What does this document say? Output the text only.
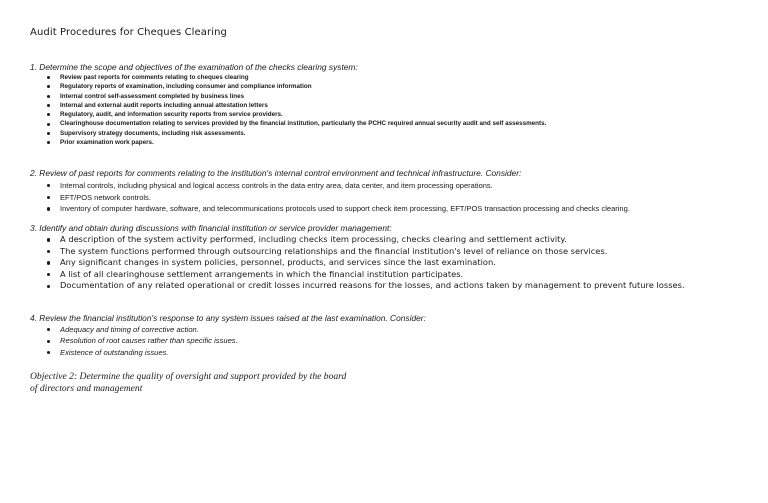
Audit Procedures for Cheques Clearing
1. Determine the scope and objectives of the examination of the checks clearing system:
Review past reports for comments relating to cheques clearing
Regulatory reports of examination, including consumer and compliance information
Internal control self-assessment completed by business lines
Internal and external audit reports including annual attestation letters
Regulatory, audit, and information security reports from service providers.
Clearinghouse documentation relating to services provided by the financial institution, particularly the PCHC required annual security audit and self assessments.
Supervisory strategy documents, including risk assessments.
Prior examination work papers.
2. Review of past reports for comments relating to the institution's internal control environment and technical infrastructure. Consider:
Internal controls, including physical and logical access controls in the data entry area, data center, and item processing operations.
EFT/POS network controls.
Inventory of computer hardware, software, and telecommunications protocols used to support check item processing, EFT/POS transaction processing and checks clearing.
3. Identify and obtain during discussions with financial institution or service provider management:
A description of the system activity performed, including checks item processing, checks clearing and settlement activity.
The system functions performed through outsourcing relationships and the financial institution's level of reliance on those services.
Any significant changes in system policies, personnel, products, and services since the last examination.
A list of all clearinghouse settlement arrangements in which the financial institution participates.
Documentation of any related operational or credit losses incurred reasons for the losses, and actions taken by management to prevent future losses.
4. Review the financial institution's response to any system issues raised at the last examination. Consider:
Adequacy and timing of corrective action.
Resolution of root causes rather than specific issues.
Existence of outstanding issues.
Objective 2: Determine the quality of oversight and support provided by the board of directors and management
